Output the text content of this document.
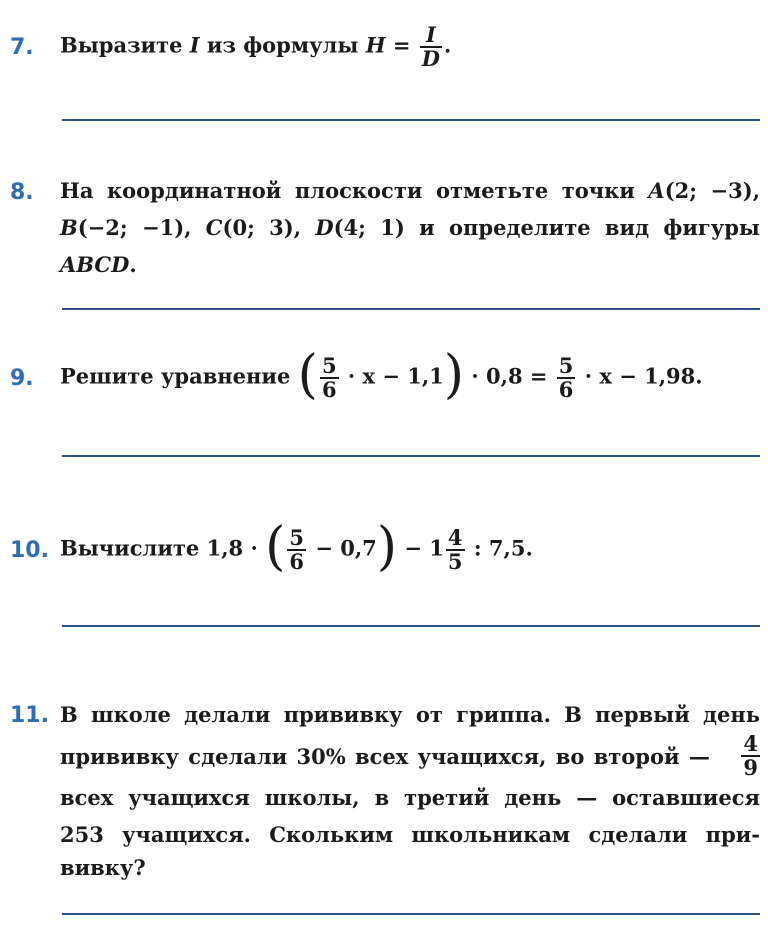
7. Выразите I из формулы $H = \frac{I}{D}$ .
8. На координатной плоскости отметьте точки A(2; −3),
B(−2; −1), C(0; 3), D(4; 1) и определите вид фигуры
ABCD.
9. Решите уравнение ( $\frac{5}{6} \cdot x - 1,1) \cdot 0,8 = \frac{5}{6} \cdot x - 1,98$.
10. Вычислите 1,8 · ( $\frac{5}{6} - 0,7) - 1 \frac{4}{5}$ : 7,5.
11. В школе делали прививку от гриппа. В первый день
прививку сделали 30% всех учащихся, во второй — $\frac{4}{9}$
всех учащихся школы, в третий день — оставшиеся
253 учащихся. Скольким школьникам сделали при-
вивку?
